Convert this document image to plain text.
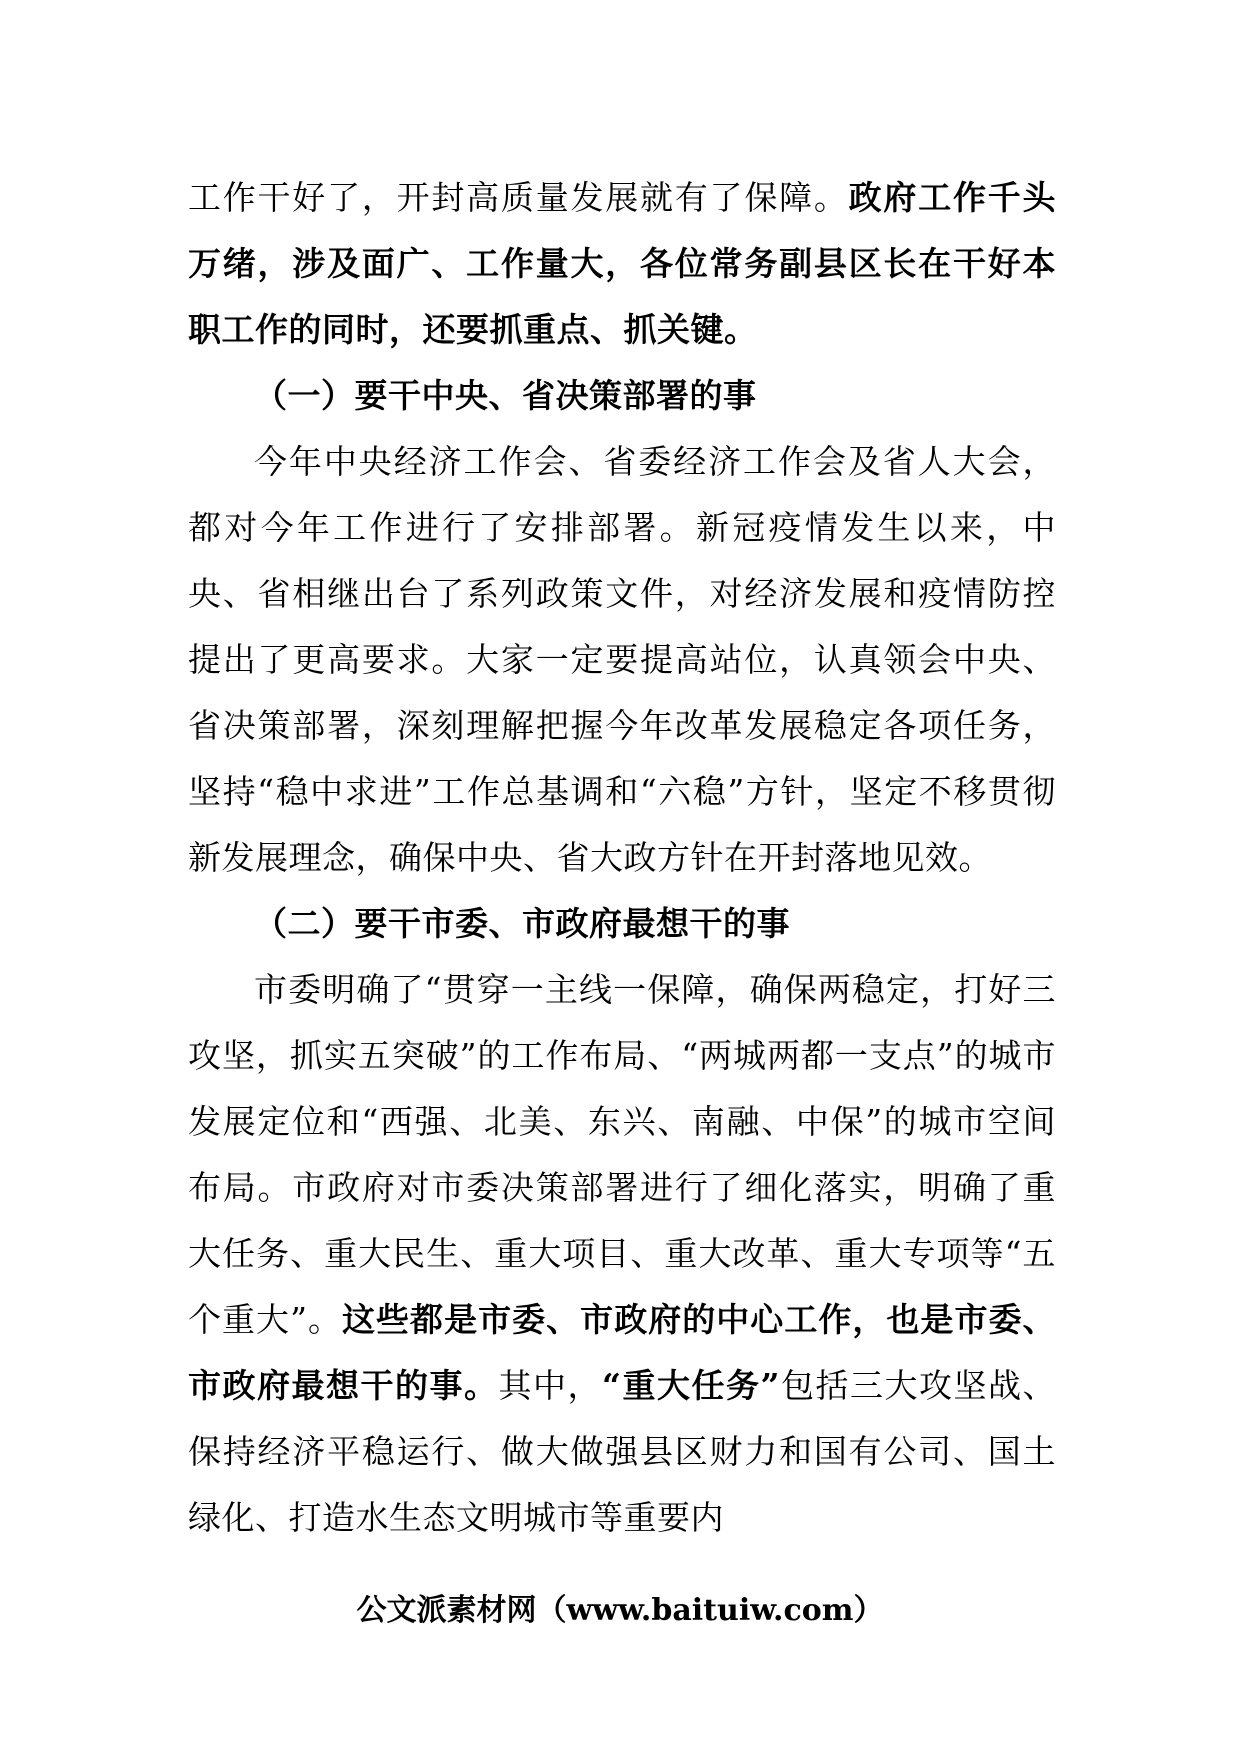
工作干好了，开封高质量发展就有了保障。政府工作千头万绪，涉及面广、工作量大，各位常务副县区长在干好本职工作的同时，还要抓重点、抓关键。

（一）要干中央、省决策部署的事

今年中央经济工作会、省委经济工作会及省人大会，都对今年工作进行了安排部署。新冠疫情发生以来，中央、省相继出台了系列政策文件，对经济发展和疫情防控提出了更高要求。大家一定要提高站位，认真领会中央、省决策部署，深刻理解把握今年改革发展稳定各项任务，坚持“稳中求进”工作总基调和“六稳”方针，坚定不移贯彻新发展理念，确保中央、省大政方针在开封落地见效。

（二）要干市委、市政府最想干的事

市委明确了“贯穿一主线一保障，确保两稳定，打好三攻坚，抓实五突破”的工作布局、“两城两都一支点”的城市发展定位和“西强、北美、东兴、南融、中保”的城市空间布局。市政府对市委决策部署进行了细化落实，明确了重大任务、重大民生、重大项目、重大改革、重大专项等“五个重大”。这些都是市委、市政府的中心工作，也是市委、市政府最想干的事。其中，“重大任务”包括三大攻坚战、保持经济平稳运行、做大做强县区财力和国有公司、国土绿化、打造水生态文明城市等重要内

公文派素材网（www.baituiw.com）
